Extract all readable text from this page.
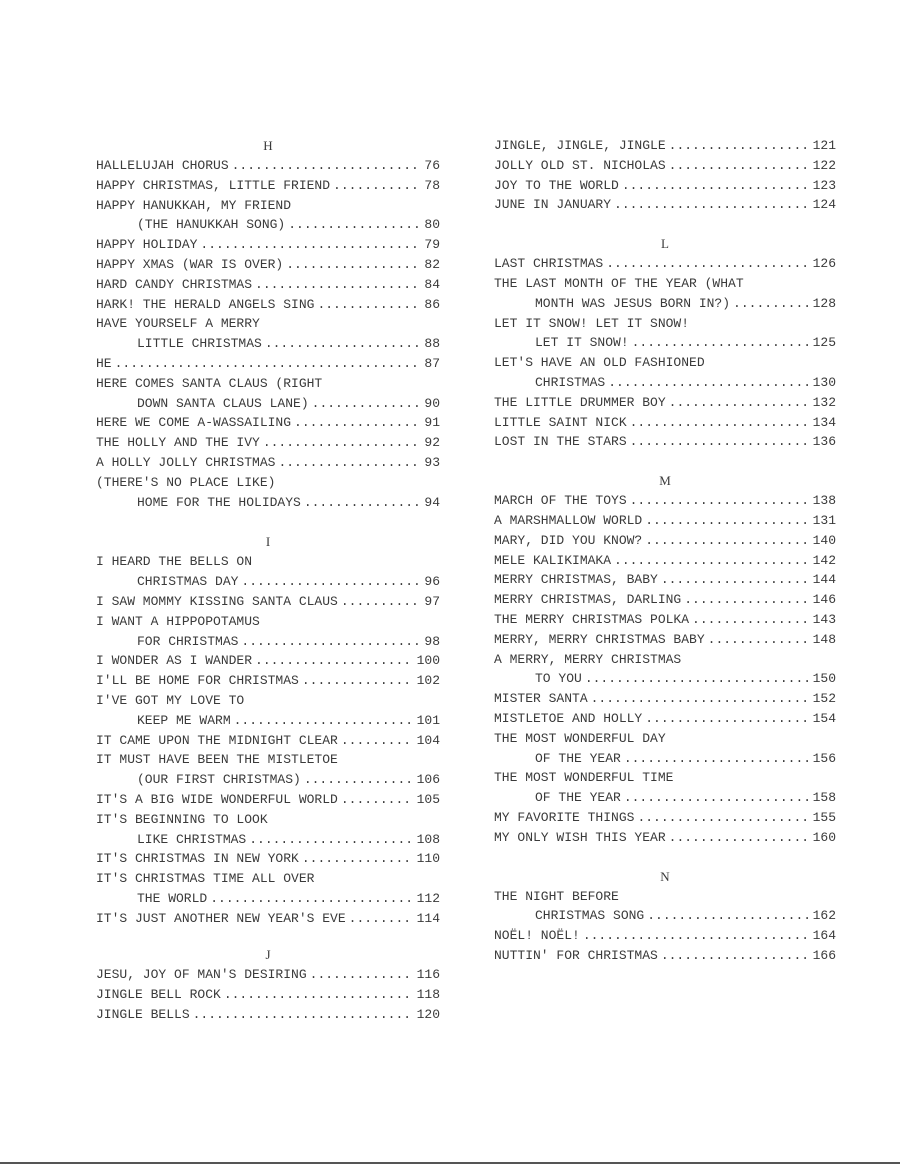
H
HALLELUJAH CHORUS .....	76
HAPPY CHRISTMAS, LITTLE FRIEND .....	78
HAPPY HANUKKAH, MY FRIEND
(THE HANUKKAH SONG) .....	80
HAPPY HOLIDAY .....	79
HAPPY XMAS (WAR IS OVER) .....	82
HARD CANDY CHRISTMAS .....	84
HARK! THE HERALD ANGELS SING .....	86
HAVE YOURSELF A MERRY
LITTLE CHRISTMAS .....	88
HE .....	87
HERE COMES SANTA CLAUS (RIGHT
DOWN SANTA CLAUS LANE) .....	90
HERE WE COME A-WASSAILING .....	91
THE HOLLY AND THE IVY .....	92
A HOLLY JOLLY CHRISTMAS .....	93
(THERE'S NO PLACE LIKE)
HOME FOR THE HOLIDAYS .....	94
I
I HEARD THE BELLS ON
CHRISTMAS DAY .....	96
I SAW MOMMY KISSING SANTA CLAUS .....	97
I WANT A HIPPOPOTAMUS
FOR CHRISTMAS .....	98
I WONDER AS I WANDER .....	100
I'LL BE HOME FOR CHRISTMAS .....	102
I'VE GOT MY LOVE TO
KEEP ME WARM .....	101
IT CAME UPON THE MIDNIGHT CLEAR .....	104
IT MUST HAVE BEEN THE MISTLETOE
(OUR FIRST CHRISTMAS) .....	106
IT'S A BIG WIDE WONDERFUL WORLD .....	105
IT'S BEGINNING TO LOOK
LIKE CHRISTMAS .....	108
IT'S CHRISTMAS IN NEW YORK .....	110
IT'S CHRISTMAS TIME ALL OVER
THE WORLD .....	112
IT'S JUST ANOTHER NEW YEAR'S EVE .....	114
J
JESU, JOY OF MAN'S DESIRING .....	116
JINGLE BELL ROCK .....	118
JINGLE BELLS .....	120
JINGLE, JINGLE, JINGLE .....	121
JOLLY OLD ST. NICHOLAS .....	122
JOY TO THE WORLD .....	123
JUNE IN JANUARY .....	124
L
LAST CHRISTMAS .....	126
THE LAST MONTH OF THE YEAR (WHAT
MONTH WAS JESUS BORN IN?) .....	128
LET IT SNOW! LET IT SNOW!
LET IT SNOW! .....	125
LET'S HAVE AN OLD FASHIONED
CHRISTMAS .....	130
THE LITTLE DRUMMER BOY .....	132
LITTLE SAINT NICK .....	134
LOST IN THE STARS .....	136
M
MARCH OF THE TOYS .....	138
A MARSHMALLOW WORLD .....	131
MARY, DID YOU KNOW? .....	140
MELE KALIKIMAKA .....	142
MERRY CHRISTMAS, BABY .....	144
MERRY CHRISTMAS, DARLING .....	146
THE MERRY CHRISTMAS POLKA .....	143
MERRY, MERRY CHRISTMAS BABY .....	148
A MERRY, MERRY CHRISTMAS
TO YOU .....	150
MISTER SANTA .....	152
MISTLETOE AND HOLLY .....	154
THE MOST WONDERFUL DAY
OF THE YEAR .....	156
THE MOST WONDERFUL TIME
OF THE YEAR .....	158
MY FAVORITE THINGS .....	155
MY ONLY WISH THIS YEAR .....	160
N
THE NIGHT BEFORE
CHRISTMAS SONG .....	162
NOËL! NOËL! .....	164
NUTTIN' FOR CHRISTMAS .....	166
